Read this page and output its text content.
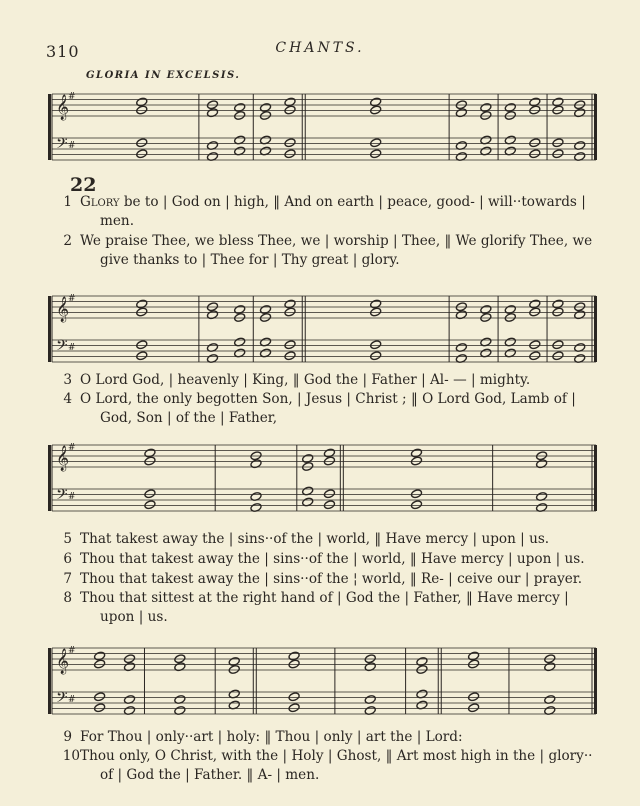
310	CHANTS.
GLORIA IN EXCELSIS.
22
𝄞
𝄢
#
#
𝄞
𝄢
#
#
𝄞
𝄢
#
#
𝄞
𝄢
#
#
1 Glory be to | God on | high, ‖ And on earth | peace, good- | will··towards |
men.
2 We praise Thee, we bless Thee, we | worship | Thee, ‖ We glorify Thee, we
give thanks to | Thee for | Thy great | glory.
3 O Lord God, | heavenly | King, ‖ God the | Father | Al- — | mighty.
4 O Lord, the only begotten Son, | Jesus | Christ ; ‖ O Lord God, Lamb of |
God, Son | of the | Father,
5 That takest away the | sins··of the | world, ‖ Have mercy | upon | us.
6 Thou that takest away the | sins··of the | world, ‖ Have mercy | upon | us.
7 Thou that takest away the | sins··of the ¦ world, ‖ Re- | ceive our | prayer.
8 Thou that sittest at the right hand of | God the | Father, ‖ Have mercy |
upon | us.
9 For Thou | only··art | holy: ‖ Thou | only | art the | Lord:
10 Thou only, O Christ, with the | Holy | Ghost, ‖ Art most high in the | glory··
of | God the | Father. ‖ A- | men.
